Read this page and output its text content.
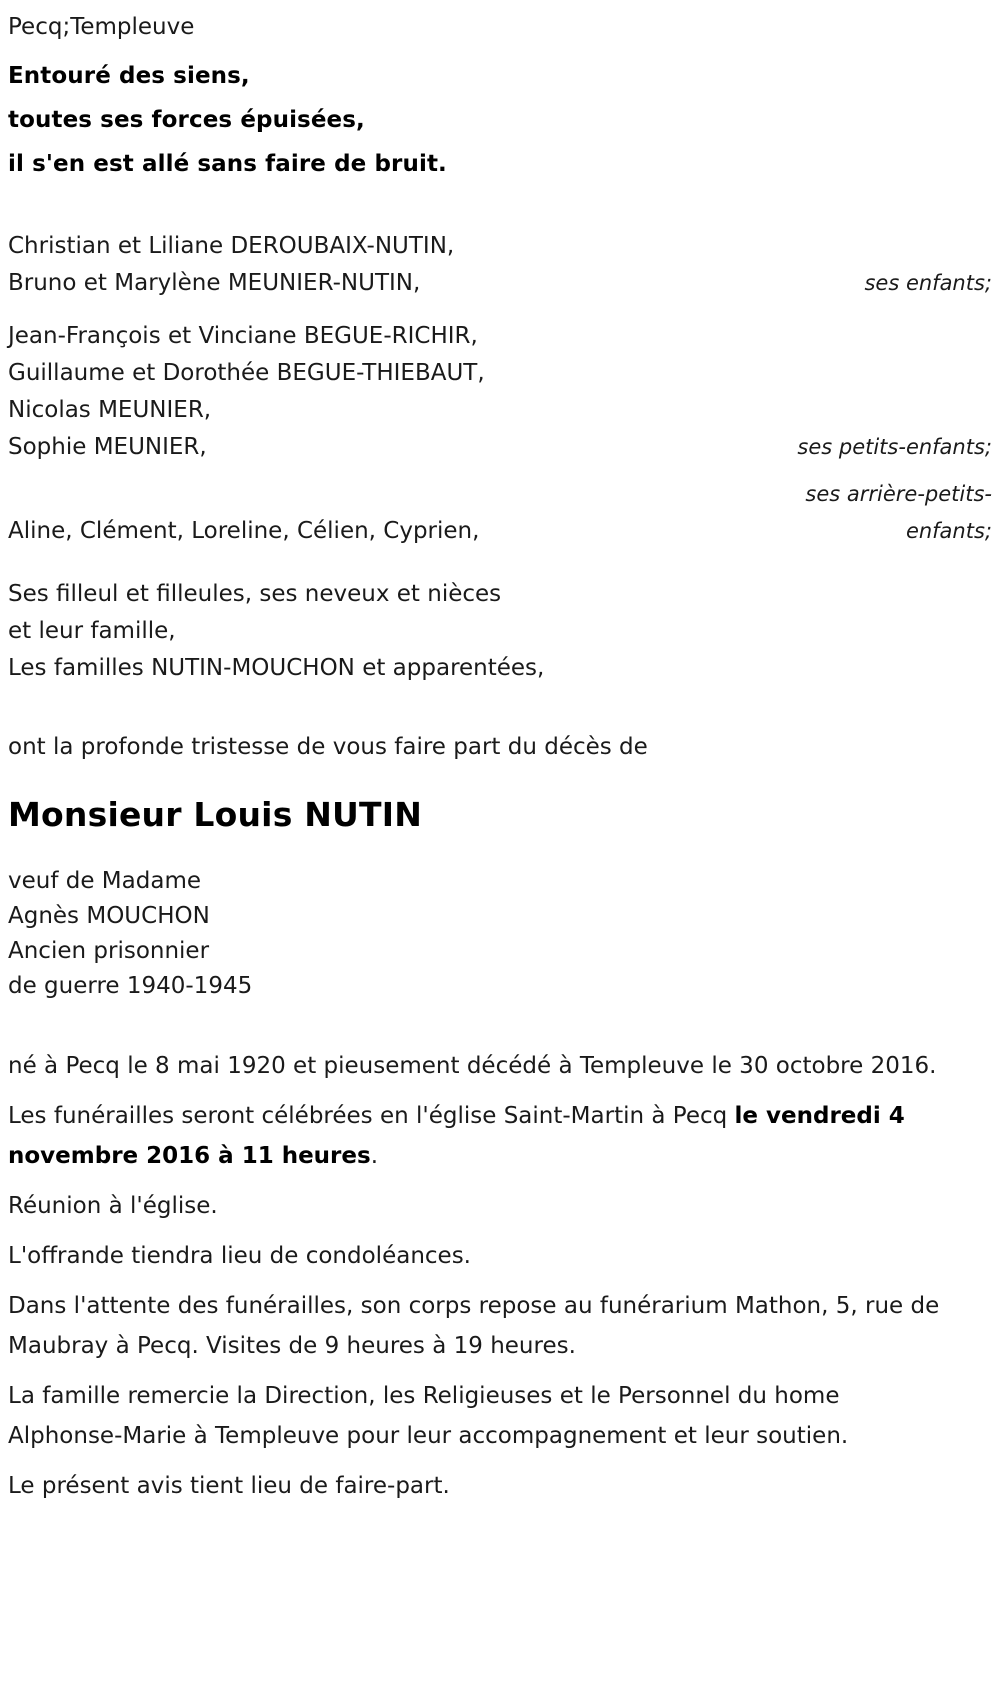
Pecq;Templeuve
Entouré des siens,
toutes ses forces épuisées,
il s'en est allé sans faire de bruit.
Christian et Liliane DEROUBAIX-NUTIN,
Bruno et Marylène MEUNIER-NUTIN,	ses enfants;
Jean-François et Vinciane BEGUE-RICHIR,
Guillaume et Dorothée BEGUE-THIEBAUT,
Nicolas MEUNIER,
Sophie MEUNIER,	ses petits-enfants;
Aline, Clément, Loreline, Célien, Cyprien,
ses arrière-petits-enfants;
Ses filleul et filleules, ses neveux et nièces
et leur famille,
Les familles NUTIN-MOUCHON et apparentées,
ont la profonde tristesse de vous faire part du décès de
Monsieur Louis NUTIN
veuf de Madame
Agnès MOUCHON
Ancien prisonnier
de guerre 1940-1945
né à Pecq le 8 mai 1920 et pieusement décédé à Templeuve le 30 octobre 2016.
Les funérailles seront célébrées en l'église Saint-Martin à Pecq le vendredi 4 novembre 2016 à 11 heures.
Réunion à l'église.
L'offrande tiendra lieu de condoléances.
Dans l'attente des funérailles, son corps repose au funérarium Mathon, 5, rue de Maubray à Pecq. Visites de 9 heures à 19 heures.
La famille remercie la Direction, les Religieuses et le Personnel du home Alphonse-Marie à Templeuve pour leur accompagnement et leur soutien.
Le présent avis tient lieu de faire-part.
